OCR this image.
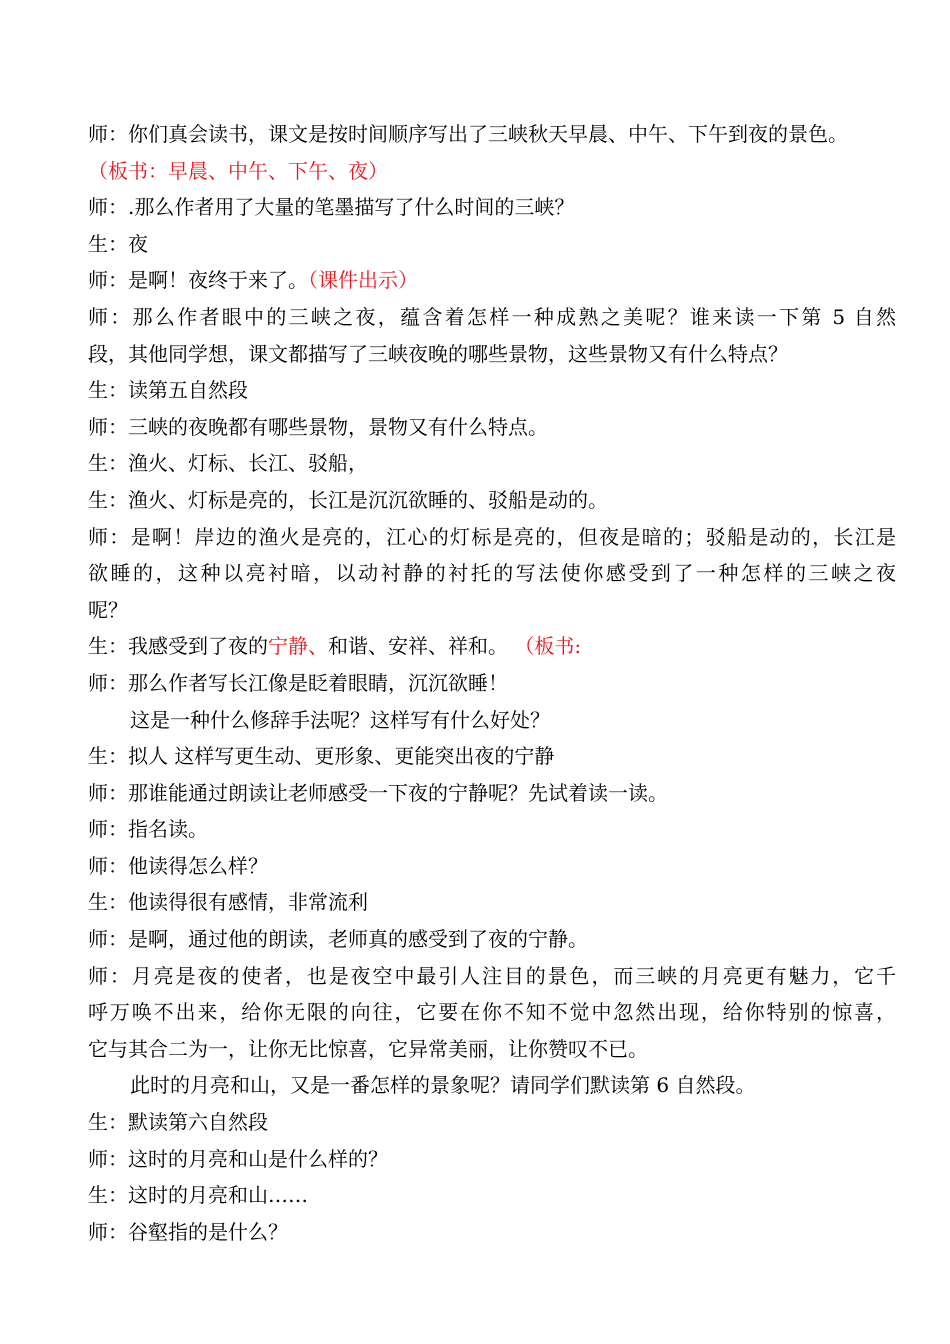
师：你们真会读书，课文是按时间顺序写出了三峡秋天早晨、中午、下午到夜的景色。
（板书：早晨、中午、下午、夜）
师：.那么作者用了大量的笔墨描写了什么时间的三峡？
生：夜
师：是啊！夜终于来了。（课件出示）
师：那么作者眼中的三峡之夜，蕴含着怎样一种成熟之美呢？谁来读一下第 5 自然
段，其他同学想，课文都描写了三峡夜晚的哪些景物，这些景物又有什么特点？
生：读第五自然段
师：三峡的夜晚都有哪些景物，景物又有什么特点。
生：渔火、灯标、长江、驳船，
生：渔火、灯标是亮的，长江是沉沉欲睡的、驳船是动的。
师：是啊！岸边的渔火是亮的，江心的灯标是亮的，但夜是暗的；驳船是动的，长江是
欲睡的，这种以亮衬暗，以动衬静的衬托的写法使你感受到了一种怎样的三峡之夜
呢？
生：我感受到了夜的宁静、和谐、安祥、祥和。 （板书:
师：那么作者写长江像是眨着眼睛，沉沉欲睡！
这是一种什么修辞手法呢？这样写有什么好处？
生：拟人 这样写更生动、更形象、更能突出夜的宁静
师：那谁能通过朗读让老师感受一下夜的宁静呢？先试着读一读。
师：指名读。
师：他读得怎么样？
生：他读得很有感情，非常流利
师：是啊，通过他的朗读，老师真的感受到了夜的宁静。
师：月亮是夜的使者，也是夜空中最引人注目的景色，而三峡的月亮更有魅力，它千
呼万唤不出来，给你无限的向往，它要在你不知不觉中忽然出现，给你特别的惊喜，
它与其合二为一，让你无比惊喜，它异常美丽，让你赞叹不已。
此时的月亮和山，又是一番怎样的景象呢？请同学们默读第 6 自然段。
生：默读第六自然段
师：这时的月亮和山是什么样的？
生：这时的月亮和山……
师：谷壑指的是什么？
